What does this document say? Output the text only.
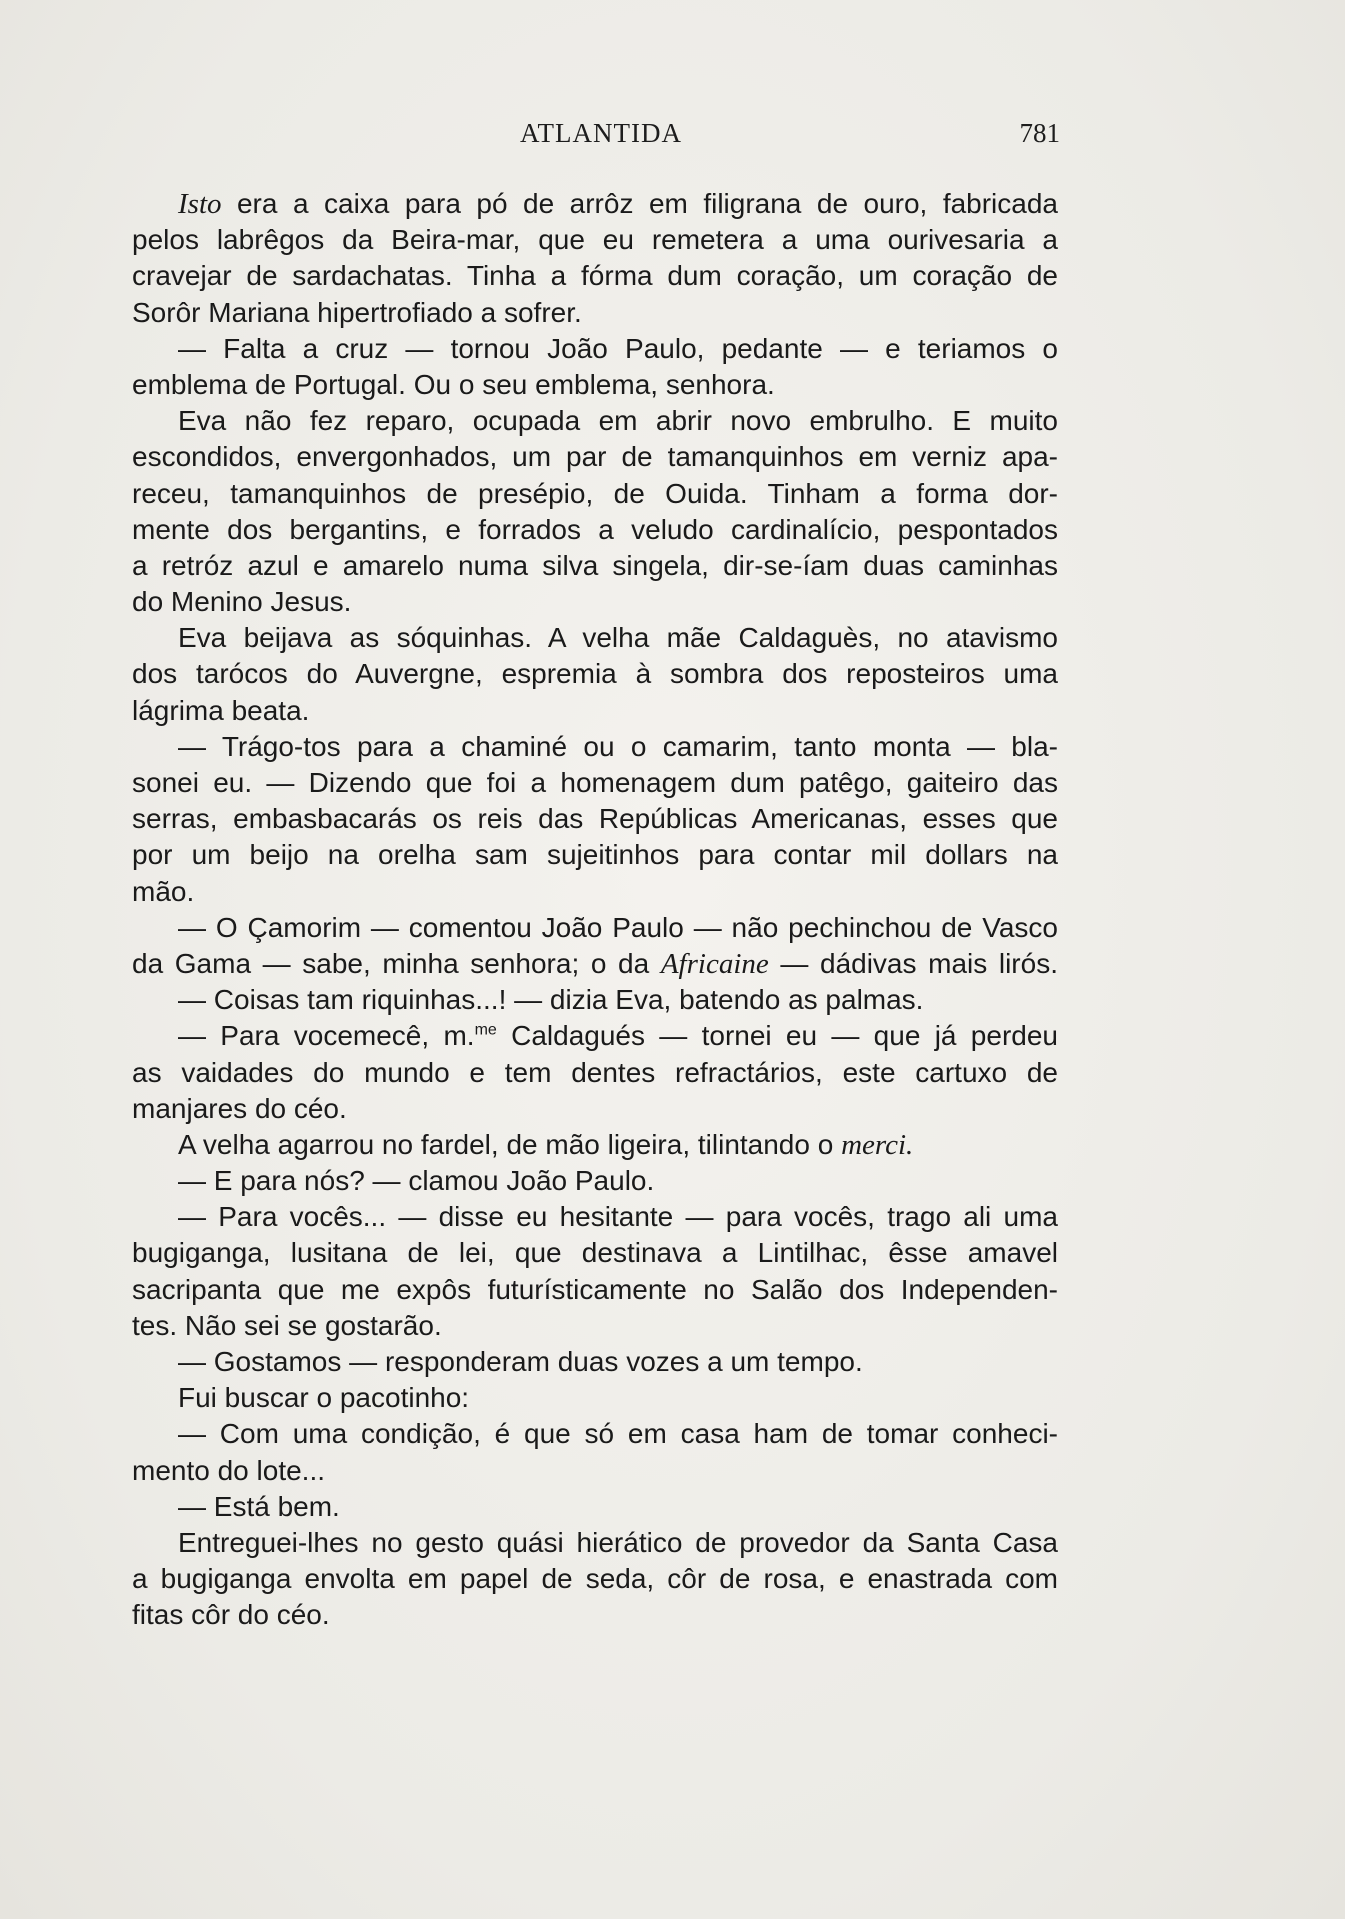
ATLANTIDA	781
Isto era a caixa para pó de arrôz em filigrana de ouro, fabricada
pelos labrêgos da Beira-mar, que eu remetera a uma ourivesaria a
cravejar de sardachatas. Tinha a fórma dum coração, um coração de
Sorôr Mariana hipertrofiado a sofrer.
— Falta a cruz — tornou João Paulo, pedante — e teriamos o
emblema de Portugal. Ou o seu emblema, senhora.
Eva não fez reparo, ocupada em abrir novo embrulho. E muito
escondidos, envergonhados, um par de tamanquinhos em verniz apa-
receu, tamanquinhos de presépio, de Ouida. Tinham a forma dor-
mente dos bergantins, e forrados a veludo cardinalício, pespontados
a retróz azul e amarelo numa silva singela, dir-se-íam duas caminhas
do Menino Jesus.
Eva beijava as sóquinhas. A velha mãe Caldaguès, no atavismo
dos tarócos do Auvergne, espremia à sombra dos reposteiros uma
lágrima beata.
— Trágo-tos para a chaminé ou o camarim, tanto monta — bla-
sonei eu. — Dizendo que foi a homenagem dum patêgo, gaiteiro das
serras, embasbacarás os reis das Repúblicas Americanas, esses que
por um beijo na orelha sam sujeitinhos para contar mil dollars na
mão.
— O Çamorim — comentou João Paulo — não pechinchou de Vasco
da Gama — sabe, minha senhora; o da Africaine — dádivas mais lirós.
— Coisas tam riquinhas...! — dizia Eva, batendo as palmas.
— Para vocemecê, m.$^{me}$ Caldagués — tornei eu — que já perdeu
as vaidades do mundo e tem dentes refractários, este cartuxo de
manjares do céo.
A velha agarrou no fardel, de mão ligeira, tilintando o merci.
— E para nós? — clamou João Paulo.
— Para vocês... — disse eu hesitante — para vocês, trago ali uma
bugiganga, lusitana de lei, que destinava a Lintilhac, êsse amavel
sacripanta que me expôs futurísticamente no Salão dos Independen-
tes. Não sei se gostarão.
— Gostamos — responderam duas vozes a um tempo.
Fui buscar o pacotinho:
— Com uma condição, é que só em casa ham de tomar conheci-
mento do lote...
— Está bem.
Entreguei-lhes no gesto quási hierático de provedor da Santa Casa
a bugiganga envolta em papel de seda, côr de rosa, e enastrada com
fitas côr do céo.
